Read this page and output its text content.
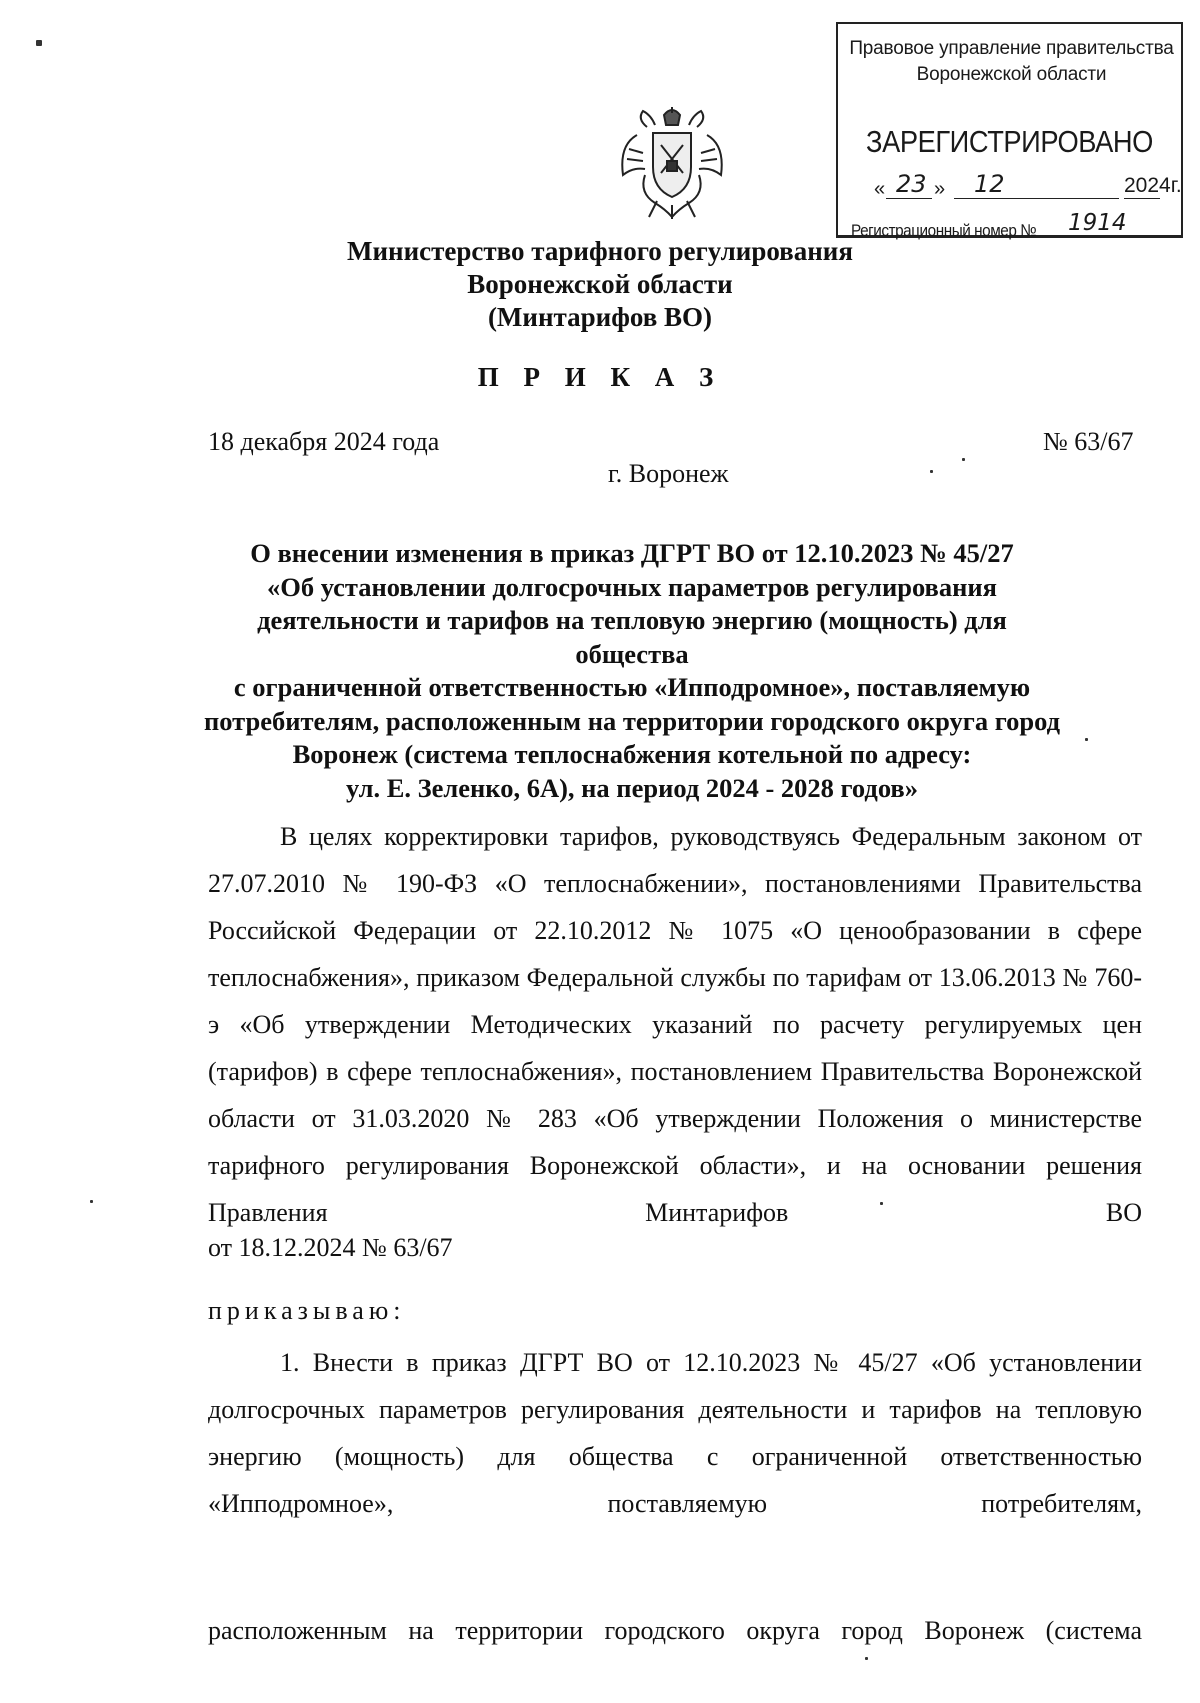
Правовое управление правительства
Воронежской области
ЗАРЕГИСТРИРОВАНО
« 23 » 12	2024г.
Регистрационный номер № 1914
Министерство тарифного регулирования
Воронежской области
(Минтарифов ВО)
П Р И К А З
18 декабря 2024 года	№ 63/67
г. Воронеж
О внесении изменения в приказ ДГРТ ВО от 12.10.2023 № 45/27
«Об установлении долгосрочных параметров регулирования
деятельности и тарифов на тепловую энергию (мощность) для общества
с ограниченной ответственностью «Ипподромное», поставляемую
потребителям, расположенным на территории городского округа город
Воронеж (система теплоснабжения котельной по адресу:
ул. Е. Зеленко, 6А), на период 2024 - 2028 годов»
В целях корректировки тарифов, руководствуясь Федеральным законом от 27.07.2010 № 190-ФЗ «О теплоснабжении», постановлениями Правительства Российской Федерации от 22.10.2012 № 1075 «О ценообразовании в сфере теплоснабжения», приказом Федеральной службы по тарифам от 13.06.2013 № 760-э «Об утверждении Методических указаний по расчету регулируемых цен (тарифов) в сфере теплоснабжения», постановлением Правительства Воронежской области от 31.03.2020 № 283 «Об утверждении Положения о министерстве тарифного регулирования Воронежской области», и на основании решения Правления Минтарифов ВО
от 18.12.2024 № 63/67
приказываю:
1. Внести в приказ ДГРТ ВО от 12.10.2023 № 45/27 «Об установлении долгосрочных параметров регулирования деятельности и тарифов на тепловую энергию (мощность) для общества с ограниченной ответственностью «Ипподромное», поставляемую потребителям,
расположенным на территории городского округа город Воронеж (система
